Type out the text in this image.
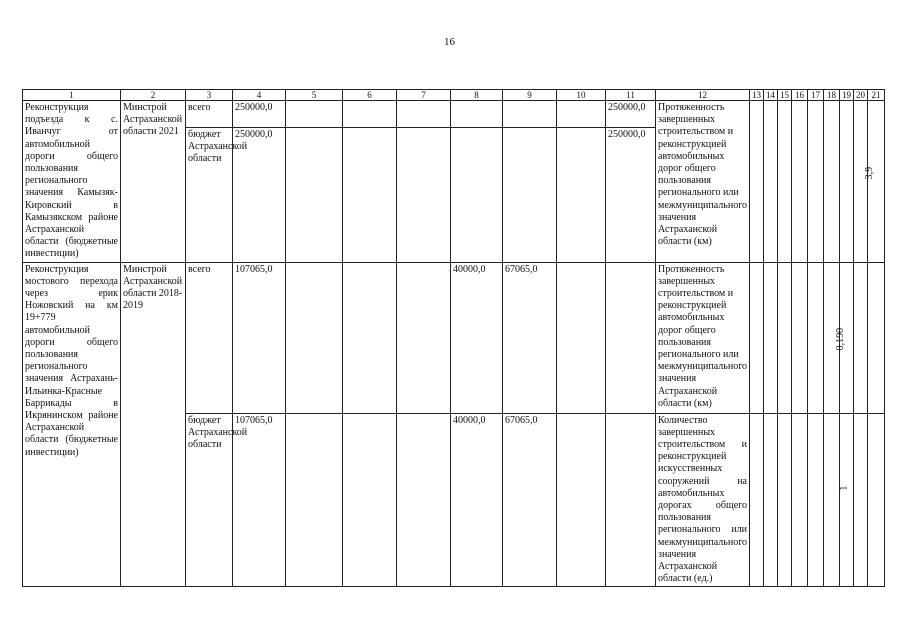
16
1	2	3	4	5	6	7	8	9	10	11	12	13	14	15	16	17	18	19	20	21
Реконструкция подъезда к с. Иванчуг от автомобильной дороги общего пользования регионального значения Камызяк-Кировский в Камызякском районе Астраханской области (бюджетные инвестиции)	Минстрой Астраханской области 2021	всего	250000,0							250000,0	Протяженность завершенных строительством и реконструкцией автомобильных дорог общего пользования регионального или межмуниципального значения Астраханской области (км)									3,9

		бюджет Астраханской области	250000,0							250000,0										
Реконструкция мостового перехода через ерик Ножовский на км 19+779 автомобильной дороги общего пользования регионального значения Астрахань-Ильинка-Красные Баррикады в Икрянинском районе Астраханской области (бюджетные инвестиции)	Минстрой Астраханской области 2018-2019	всего	107065,0				40000,0	67065,0			Протяженность завершенных строительством и реконструкцией автомобильных дорог общего пользования регионального или межмуниципального значения Астраханской области (км)							0,190		

		бюджет Астраханской области	107065,0				40000,0	67065,0			Количество завершенных строительством и реконструкцией искусственных сооружений на автомобильных дорогах общего пользования регионального или межмуниципального значения Астраханской области (ед.)							1		
